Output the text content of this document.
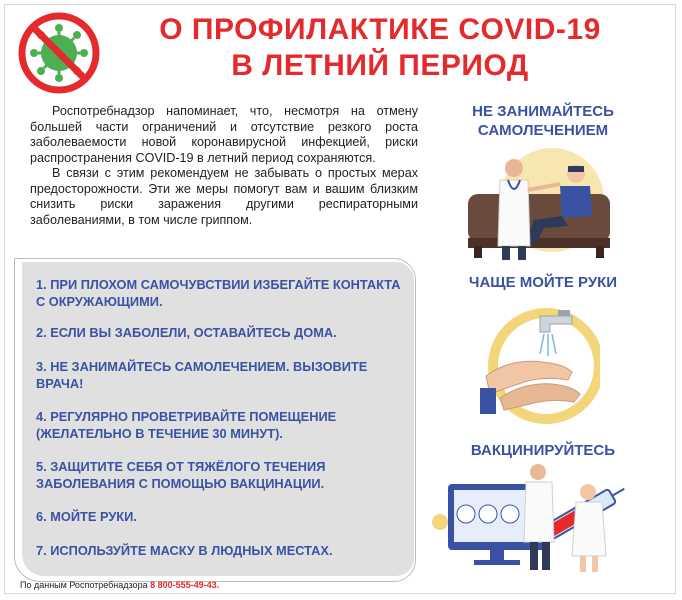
О ПРОФИЛАКТИКЕ COVID-19
В ЛЕТНИЙ ПЕРИОД

Роспотребнадзор напоминает, что, несмотря на отмену большей части ограничений и отсутствие резкого роста заболеваемости новой коронавирусной инфекцией, риски распространения COVID-19 в летний период сохраняются.

В связи с этим рекомендуем не забывать о простых мерах предосторожности. Эти же меры помогут вам и вашим близким снизить риски заражения другими респираторными заболеваниями, в том числе гриппом.

1. ПРИ ПЛОХОМ САМОЧУВСТВИИ ИЗБЕГАЙТЕ КОНТАКТА С ОКРУЖАЮЩИМИ.
2. ЕСЛИ ВЫ ЗАБОЛЕЛИ, ОСТАВАЙТЕСЬ ДОМА.
3. НЕ ЗАНИМАЙТЕСЬ САМОЛЕЧЕНИЕМ. ВЫЗОВИТЕ ВРАЧА!
4. РЕГУЛЯРНО ПРОВЕТРИВАЙТЕ ПОМЕЩЕНИЕ (ЖЕЛАТЕЛЬНО В ТЕЧЕНИЕ 30 МИНУТ).
5. ЗАЩИТИТЕ СЕБЯ ОТ ТЯЖЁЛОГО ТЕЧЕНИЯ ЗАБОЛЕВАНИЯ С ПОМОЩЬЮ ВАКЦИНАЦИИ.
6. МОЙТЕ РУКИ.
7. ИСПОЛЬЗУЙТЕ МАСКУ В ЛЮДНЫХ МЕСТАХ.
НЕ ЗАНИМАЙТЕСЬ САМОЛЕЧЕНИЕМ
ЧАЩЕ МОЙТЕ РУКИ
ВАКЦИНИРУЙТЕСЬ
По данным Роспотребнадзора 8 800-555-49-43.
